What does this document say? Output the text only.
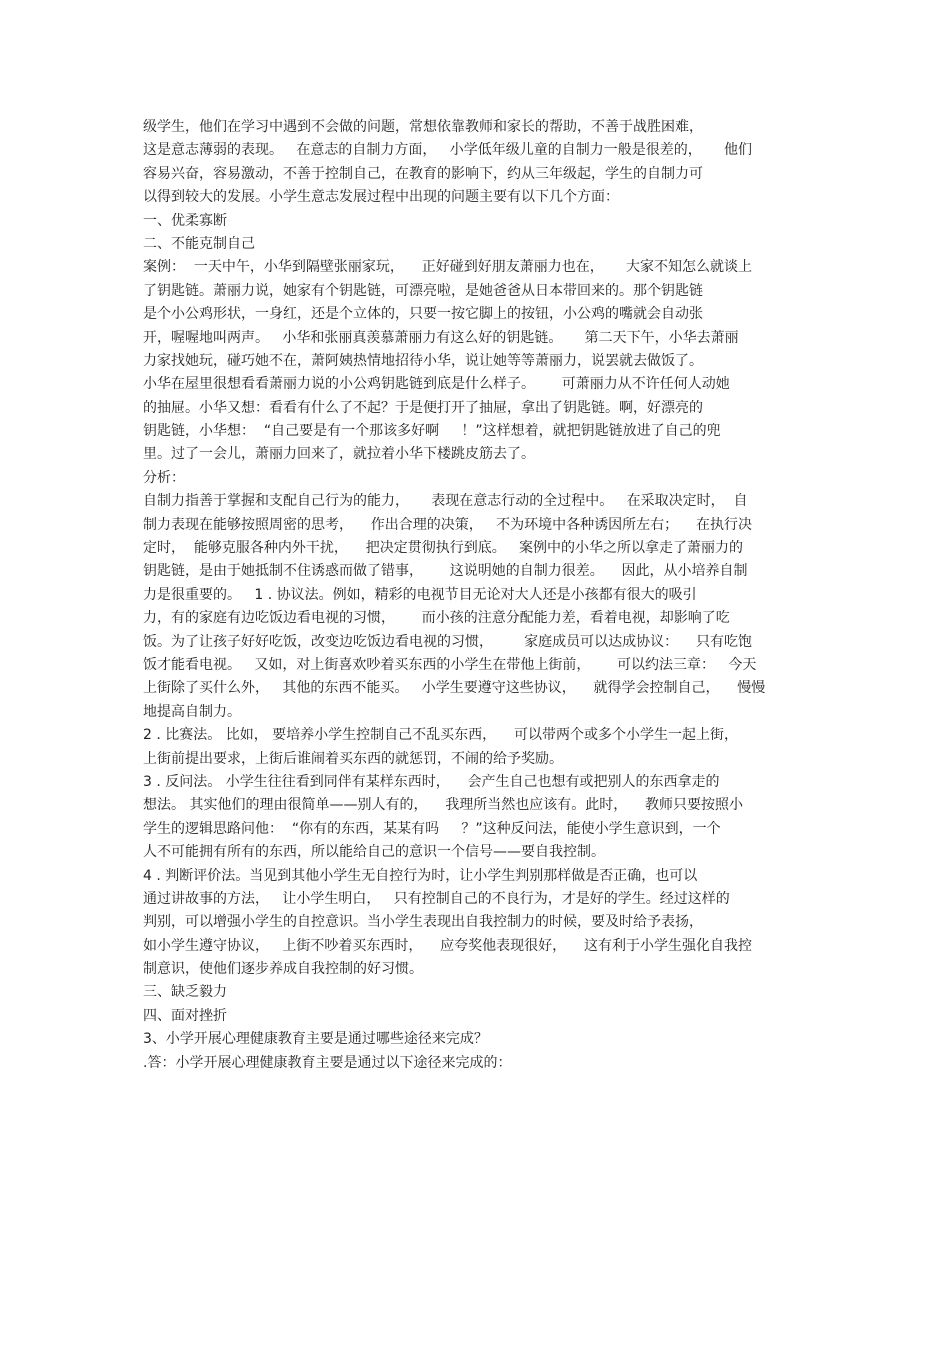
级学生，他们在学习中遇到不会做的问题，常想依靠教师和家长的帮助，不善于战胜困难，
这是意志薄弱的表现。   在意志的自制力方面，   小学低年级儿童的自制力一般是很差的，     他们
容易兴奋，容易激动，不善于控制自己，在教育的影响下，约从三年级起，学生的自制力可
以得到较大的发展。小学生意志发展过程中出现的问题主要有以下几个方面：
一、优柔寡断
二、不能克制自己
案例：  一天中午，小华到隔壁张丽家玩，    正好碰到好朋友萧丽力也在，     大家不知怎么就谈上
了钥匙链。萧丽力说，她家有个钥匙链，可漂亮啦，是她爸爸从日本带回来的。那个钥匙链
是个小公鸡形状，一身红，还是个立体的，只要一按它脚上的按钮，小公鸡的嘴就会自动张
开，喔喔地叫两声。   小华和张丽真羡慕萧丽力有这么好的钥匙链。     第二天下午，小华去萧丽
力家找她玩，碰巧她不在，萧阿姨热情地招待小华，说让她等等萧丽力，说罢就去做饭了。
小华在屋里很想看看萧丽力说的小公鸡钥匙链到底是什么样子。      可萧丽力从不许任何人动她
的抽屉。小华又想：看看有什么了不起？于是便打开了抽屉，拿出了钥匙链。啊，好漂亮的
钥匙链，小华想：  “自己要是有一个那该多好啊     ！”这样想着，就把钥匙链放进了自己的兜
里。过了一会儿，萧丽力回来了，就拉着小华下楼跳皮筋去了。
分析：
自制力指善于掌握和支配自己行为的能力，     表现在意志行动的全过程中。   在采取决定时，  自
制力表现在能够按照周密的思考，    作出合理的决策，   不为环境中各种诱因所左右；    在执行决
定时，  能够克服各种内外干扰，    把决定贯彻执行到底。   案例中的小华之所以拿走了萧丽力的
钥匙链，是由于她抵制不住诱惑而做了错事，      这说明她的自制力很差。    因此，从小培养自制
力是很重要的。   1 . 协议法。例如，精彩的电视节目无论对大人还是小孩都有很大的吸引
力，有的家庭有边吃饭边看电视的习惯，      而小孩的注意分配能力差，看着电视，却影响了吃
饭。为了让孩子好好吃饭，改变边吃饭边看电视的习惯，       家庭成员可以达成协议：    只有吃饱
饭才能看电视。   又如，对上街喜欢吵着买东西的小学生在带他上街前，      可以约法三章：   今天
上街除了买什么外，   其他的东西不能买。   小学生要遵守这些协议，    就得学会控制自己，    慢慢
地提高自制力。
2 . 比赛法。 比如， 要培养小学生控制自己不乱买东西，    可以带两个或多个小学生一起上街，
上街前提出要求，上街后谁闹着买东西的就惩罚，不闹的给予奖励。
3 . 反问法。 小学生往往看到同伴有某样东西时，    会产生自己也想有或把别人的东西拿走的
想法。 其实他们的理由很简单——别人有的，    我理所当然也应该有。此时，    教师只要按照小
学生的逻辑思路问他：  “你有的东西，某某有吗     ？”这种反问法，能使小学生意识到，一个
人不可能拥有所有的东西，所以能给自己的意识一个信号——要自我控制。
4 . 判断评价法。当见到其他小学生无自控行为时，让小学生判别那样做是否正确，也可以
通过讲故事的方法，   让小学生明白，   只有控制自己的不良行为，才是好的学生。经过这样的
判别，可以增强小学生的自控意识。当小学生表现出自我控制力的时候，要及时给予表扬，
如小学生遵守协议，   上街不吵着买东西时，    应夸奖他表现很好，    这有利于小学生强化自我控
制意识，使他们逐步养成自我控制的好习惯。
三、缺乏毅力
四、面对挫折
3、小学开展心理健康教育主要是通过哪些途径来完成？
.答：小学开展心理健康教育主要是通过以下途径来完成的：
